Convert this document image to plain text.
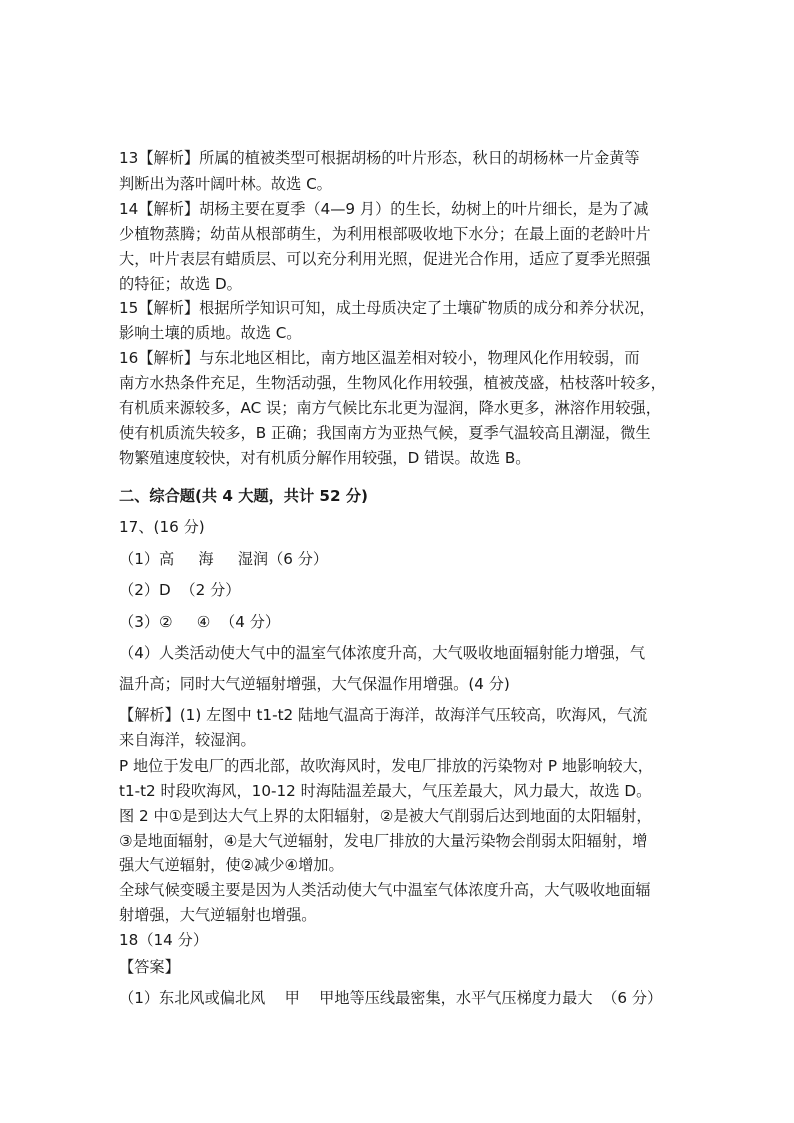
13【解析】所属的植被类型可根据胡杨的叶片形态，秋日的胡杨林一片金黄等
判断出为落叶阔叶林。故选 C。
14【解析】胡杨主要在夏季（4—9 月）的生长，幼树上的叶片细长，是为了减
少植物蒸腾；幼苗从根部萌生，为利用根部吸收地下水分；在最上面的老龄叶片
大，叶片表层有蜡质层、可以充分利用光照，促进光合作用，适应了夏季光照强
的特征；故选 D。
15【解析】根据所学知识可知，成土母质决定了土壤矿物质的成分和养分状况，
影响土壤的质地。故选 C。
16【解析】与东北地区相比，南方地区温差相对较小，物理风化作用较弱，而
南方水热条件充足，生物活动强，生物风化作用较强，植被茂盛，枯枝落叶较多，
有机质来源较多，AC 误；南方气候比东北更为湿润，降水更多，淋溶作用较强，
使有机质流失较多，B 正确；我国南方为亚热气候，夏季气温较高且潮湿，微生
物繁殖速度较快，对有机质分解作用较强，D 错误。故选 B。
二、综合题(共 4 大题，共计 52 分)
17、(16 分)
（1）高     海     湿润（6 分）
（2）D  （2 分）
（3）②     ④  （4 分）
（4）人类活动使大气中的温室气体浓度升高，大气吸收地面辐射能力增强，气
温升高；同时大气逆辐射增强，大气保温作用增强。(4 分)
【解析】(1) 左图中 t1-t2 陆地气温高于海洋，故海洋气压较高，吹海风，气流
来自海洋，较湿润。
P 地位于发电厂的西北部，故吹海风时，发电厂排放的污染物对 P 地影响较大，
t1-t2 时段吹海风，10-12 时海陆温差最大，气压差最大，风力最大，故选 D。
图 2 中①是到达大气上界的太阳辐射，②是被大气削弱后达到地面的太阳辐射，
③是地面辐射，④是大气逆辐射，发电厂排放的大量污染物会削弱太阳辐射，增
强大气逆辐射，使②减少④增加。
全球气候变暖主要是因为人类活动使大气中温室气体浓度升高，大气吸收地面辐
射增强，大气逆辐射也增强。
18（14 分）
【答案】
（1）东北风或偏北风    甲    甲地等压线最密集，水平气压梯度力最大  （6 分）
